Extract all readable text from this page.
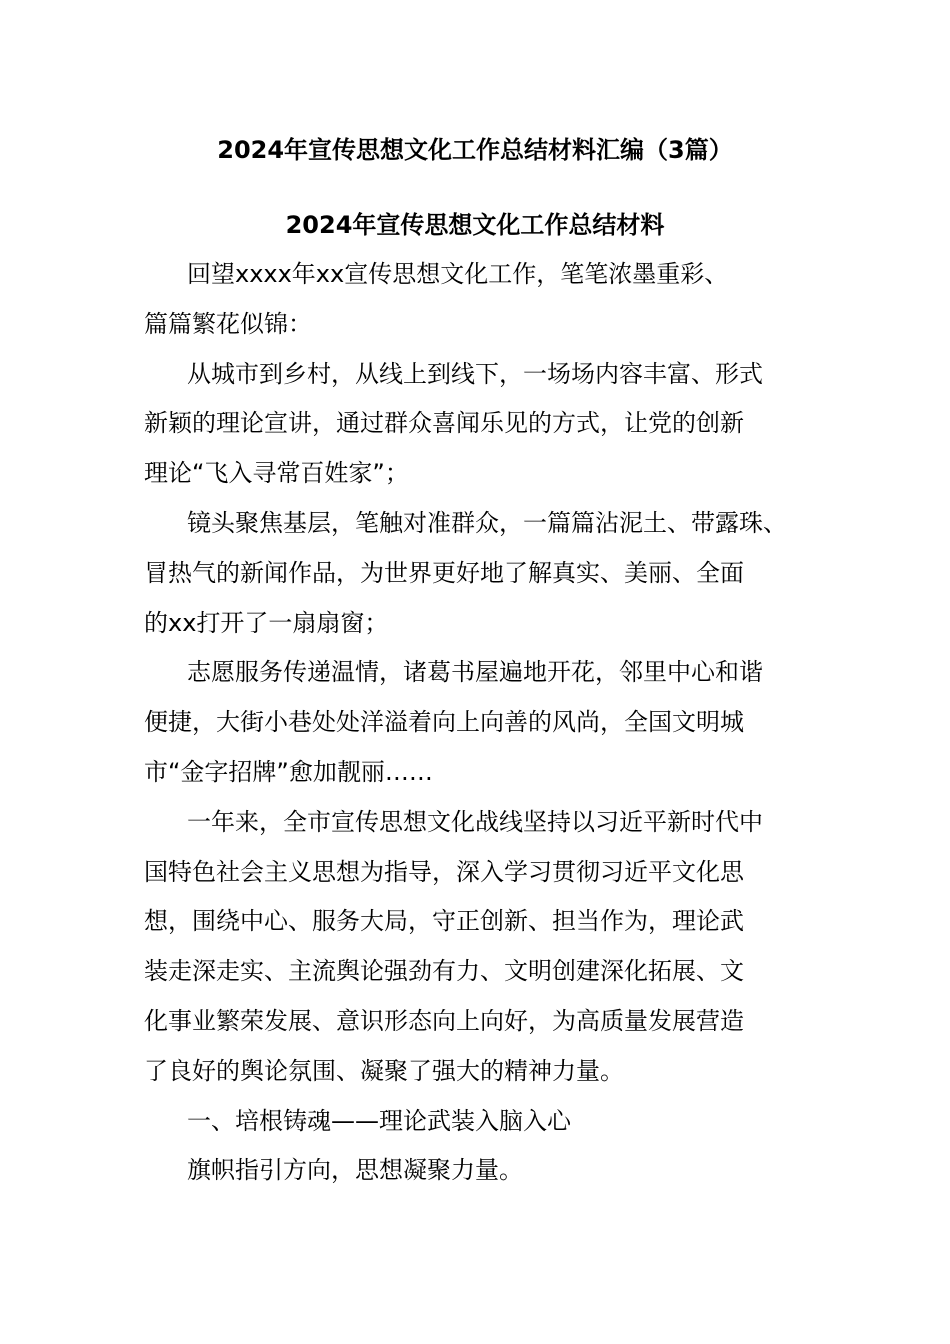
2024年宣传思想文化工作总结材料汇编（3篇）
2024年宣传思想文化工作总结材料
回望xxxx年xx宣传思想文化工作，笔笔浓墨重彩、
篇篇繁花似锦：
从城市到乡村，从线上到线下，一场场内容丰富、形式
新颖的理论宣讲，通过群众喜闻乐见的方式，让党的创新
理论“飞入寻常百姓家”；
镜头聚焦基层，笔触对准群众，一篇篇沾泥土、带露珠、
冒热气的新闻作品，为世界更好地了解真实、美丽、全面
的xx打开了一扇扇窗；
志愿服务传递温情，诸葛书屋遍地开花，邻里中心和谐
便捷，大街小巷处处洋溢着向上向善的风尚，全国文明城
市“金字招牌”愈加靓丽……
一年来，全市宣传思想文化战线坚持以习近平新时代中
国特色社会主义思想为指导，深入学习贯彻习近平文化思
想，围绕中心、服务大局，守正创新、担当作为，理论武
装走深走实、主流舆论强劲有力、文明创建深化拓展、文
化事业繁荣发展、意识形态向上向好，为高质量发展营造
了良好的舆论氛围、凝聚了强大的精神力量。
一、培根铸魂——理论武装入脑入心
旗帜指引方向，思想凝聚力量。
